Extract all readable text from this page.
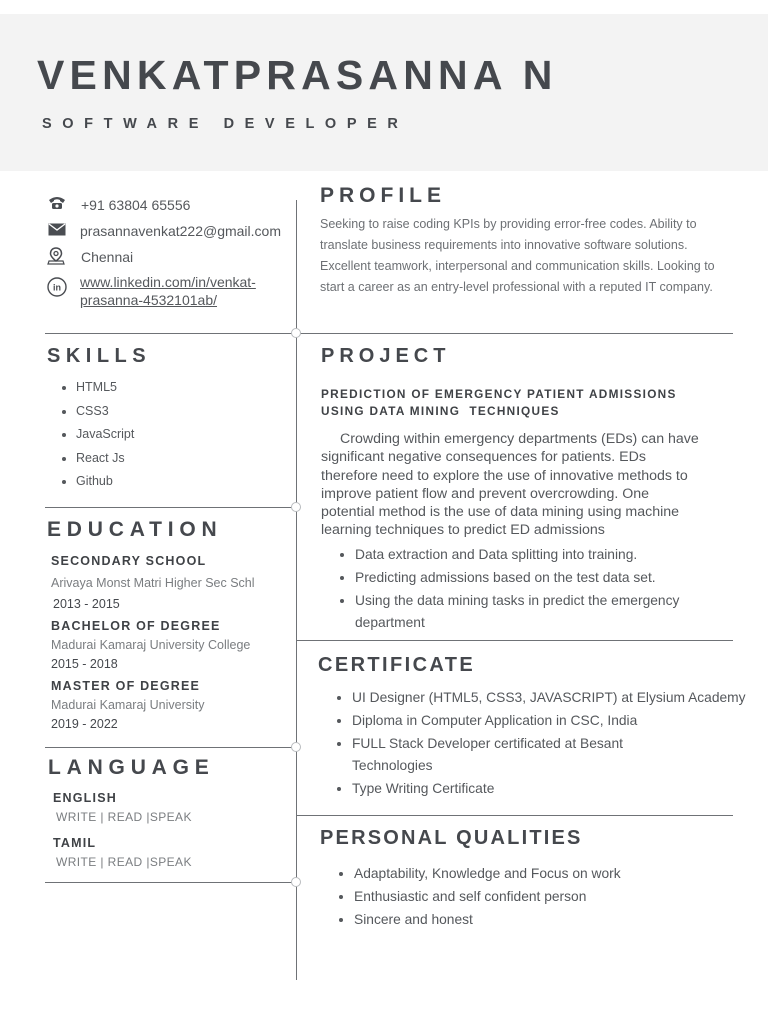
VENKATPRASANNA N
SOFTWARE DEVELOPER
+91 63804 65556
prasannavenkat222@gmail.com
Chennai
in www.linkedin.com/in/venkat-
prasanna-4532101ab/
SKILLS
• HTML5
• CSS3
• JavaScript
• React Js
• Github
EDUCATION
SECONDARY SCHOOL
Arivaya Monst Matri Higher Sec Schl
2013 - 2015
BACHELOR OF DEGREE
Madurai Kamaraj University College
2015 - 2018
MASTER OF DEGREE
Madurai Kamaraj University
2019 - 2022
LANGUAGE
ENGLISH
WRITE | READ |SPEAK
TAMIL
WRITE | READ |SPEAK
PROFILE
Seeking to raise coding KPIs by providing error-free codes. Ability to
translate business requirements into innovative software solutions.
Excellent teamwork, interpersonal and communication skills. Looking to
start a career as an entry-level professional with a reputed IT company.
PROJECT
PREDICTION OF EMERGENCY PATIENT ADMISSIONS
USING DATA MINING  TECHNIQUES
Crowding within emergency departments (EDs) can have
significant negative consequences for patients. EDs
therefore need to explore the use of innovative methods to
improve patient flow and prevent overcrowding. One
potential method is the use of data mining using machine
learning techniques to predict ED admissions
• Data extraction and Data splitting into training.
• Predicting admissions based on the test data set.
• Using the data mining tasks in predict the emergency department
CERTIFICATE
• UI Designer (HTML5, CSS3, JAVASCRIPT) at Elysium Academy
• Diploma in Computer Application in CSC, India
• FULL Stack Developer certificated at Besant Technologies
• Type Writing Certificate
PERSONAL QUALITIES
• Adaptability, Knowledge and Focus on work
• Enthusiastic and self confident person
• Sincere and honest
